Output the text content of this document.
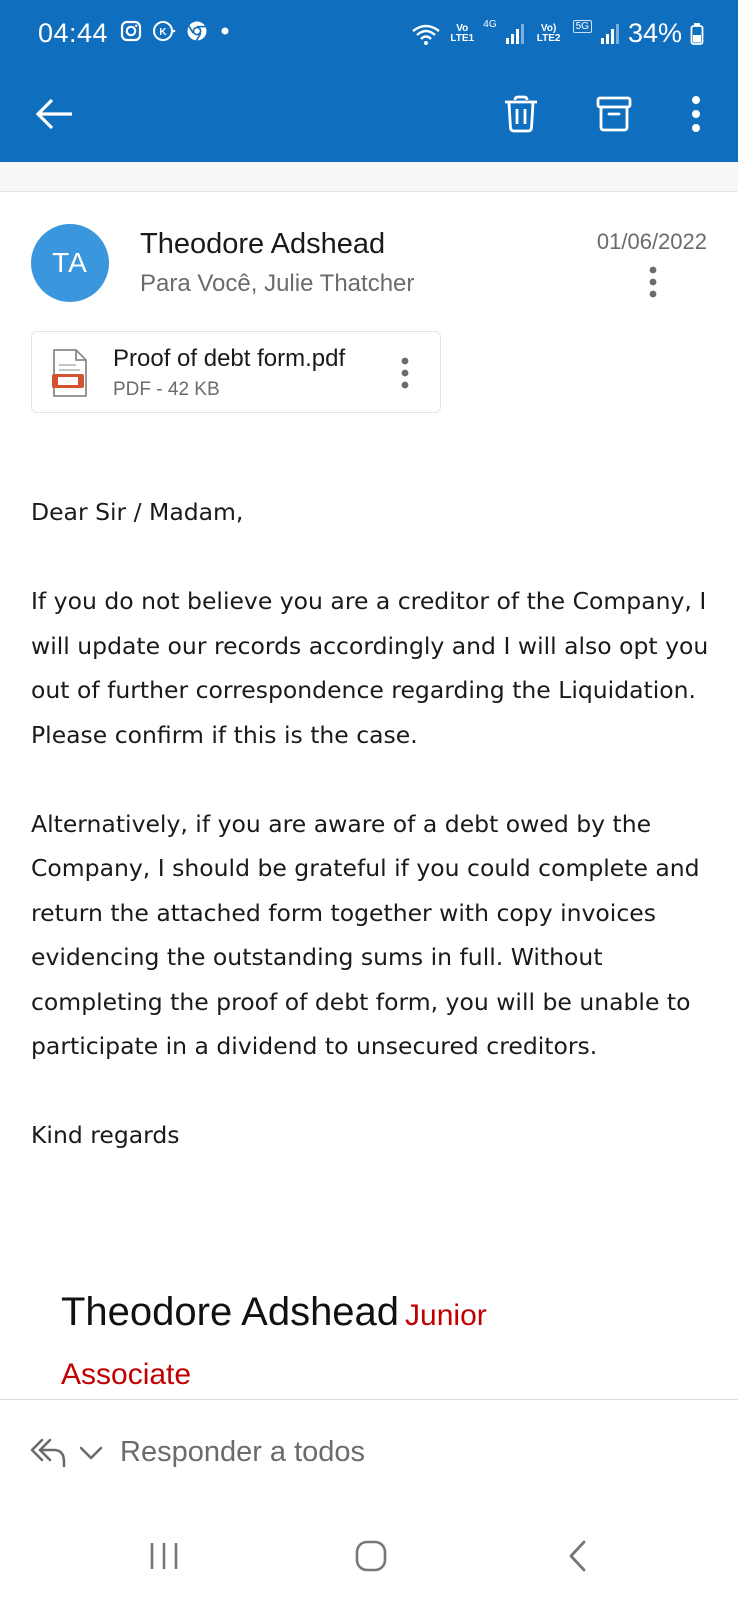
04:44	K	Vo LTE1
4G	Vo) LTE2
5G 34%
TA
Theodore Adshead
Para Você, Julie Thatcher
01/06/2022
Proof of debt form.pdf
PDF - 42 KB

Dear Sir / Madam,

If you do not believe you are a creditor of the Company, I will update our records accordingly and I will also opt you out of further correspondence regarding the Liquidation. Please confirm if this is the case.

Alternatively, if you are aware of a debt owed by the Company, I should be grateful if you could complete and return the attached form together with copy invoices evidencing the outstanding sums in full. Without completing the proof of debt form, you will be unable to participate in a dividend to unsecured creditors.

Kind regards

Theodore Adshead Junior
Associate
Responder a todos
